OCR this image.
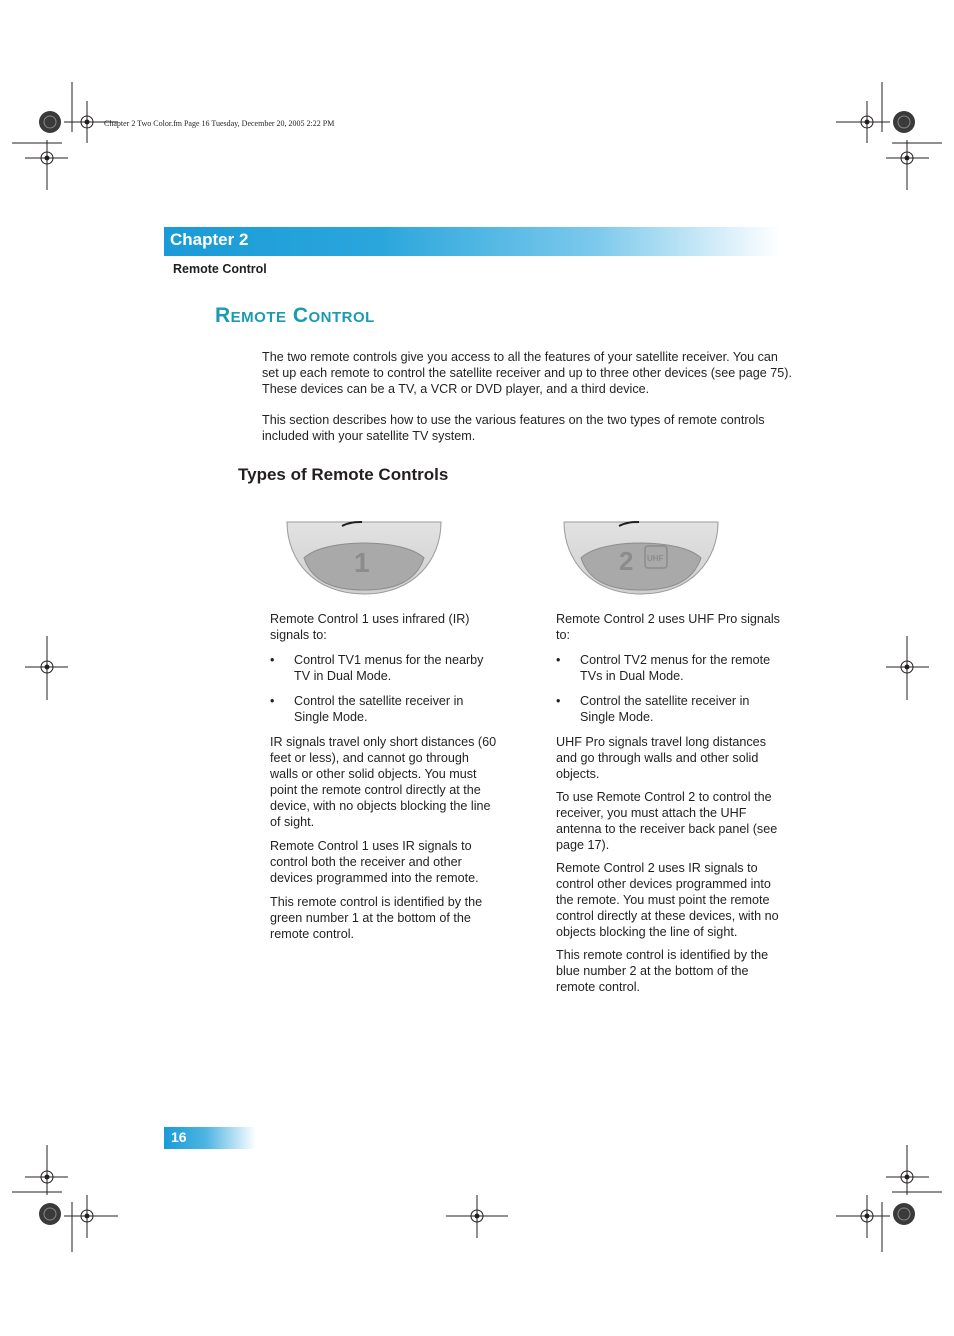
Chapter 2 Two Color.fm Page 16 Tuesday, December 20, 2005 2:22 PM
Chapter 2
Remote Control
Remote Control
The two remote controls give you access to all the features of your satellite receiver. You can set up each remote to control the satellite receiver and up to three other devices (see page 75). These devices can be a TV, a VCR or DVD player, and a third device.
This section describes how to use the various features on the two types of remote controls included with your satellite TV system.
Types of Remote Controls
1	2 UHF

Remote Control 1 uses infrared (IR) signals to:

• Control TV1 menus for the nearby TV in Dual Mode.
• Control the satellite receiver in Single Mode.

IR signals travel only short distances (60 feet or less), and cannot go through walls or other solid objects. You must point the remote control directly at the device, with no objects blocking the line of sight.

Remote Control 1 uses IR signals to control both the receiver and other devices programmed into the remote.

This remote control is identified by the green number 1 at the bottom of the remote control.

Remote Control 2 uses UHF Pro signals to:

• Control TV2 menus for the remote TVs in Dual Mode.
• Control the satellite receiver in Single Mode.

UHF Pro signals travel long distances and go through walls and other solid objects.

To use Remote Control 2 to control the receiver, you must attach the UHF antenna to the receiver back panel (see page 17).

Remote Control 2 uses IR signals to control other devices programmed into the remote. You must point the remote control directly at these devices, with no objects blocking the line of sight.

This remote control is identified by the blue number 2 at the bottom of the remote control.

16
